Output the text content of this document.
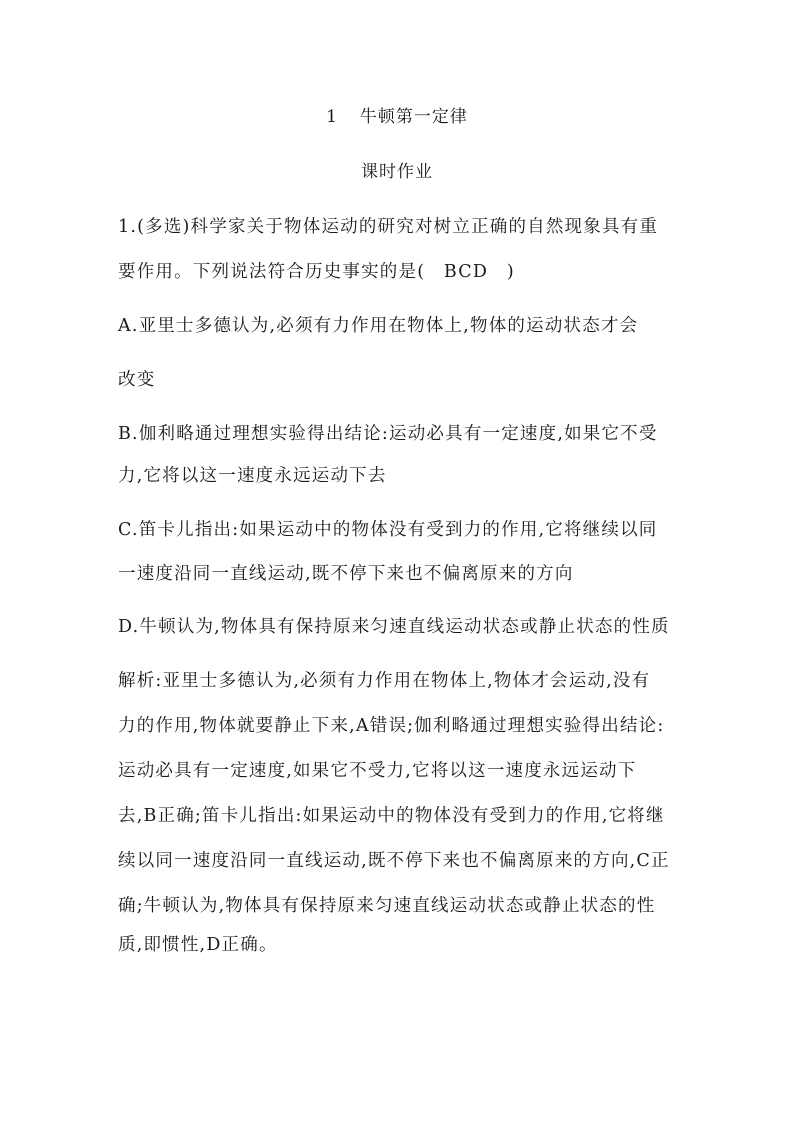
1 牛顿第一定律
课时作业
1.(多选)科学家关于物体运动的研究对树立正确的自然现象具有重
要作用。下列说法符合历史事实的是(　BCD　)
A.亚里士多德认为,必须有力作用在物体上,物体的运动状态才会
改变
B.伽利略通过理想实验得出结论:运动必具有一定速度,如果它不受
力,它将以这一速度永远运动下去
C.笛卡儿指出:如果运动中的物体没有受到力的作用,它将继续以同
一速度沿同一直线运动,既不停下来也不偏离原来的方向
D.牛顿认为,物体具有保持原来匀速直线运动状态或静止状态的性质
解析:亚里士多德认为,必须有力作用在物体上,物体才会运动,没有
力的作用,物体就要静止下来,A错误;伽利略通过理想实验得出结论:
运动必具有一定速度,如果它不受力,它将以这一速度永远运动下
去,B正确;笛卡儿指出:如果运动中的物体没有受到力的作用,它将继
续以同一速度沿同一直线运动,既不停下来也不偏离原来的方向,C正
确;牛顿认为,物体具有保持原来匀速直线运动状态或静止状态的性
质,即惯性,D正确。
